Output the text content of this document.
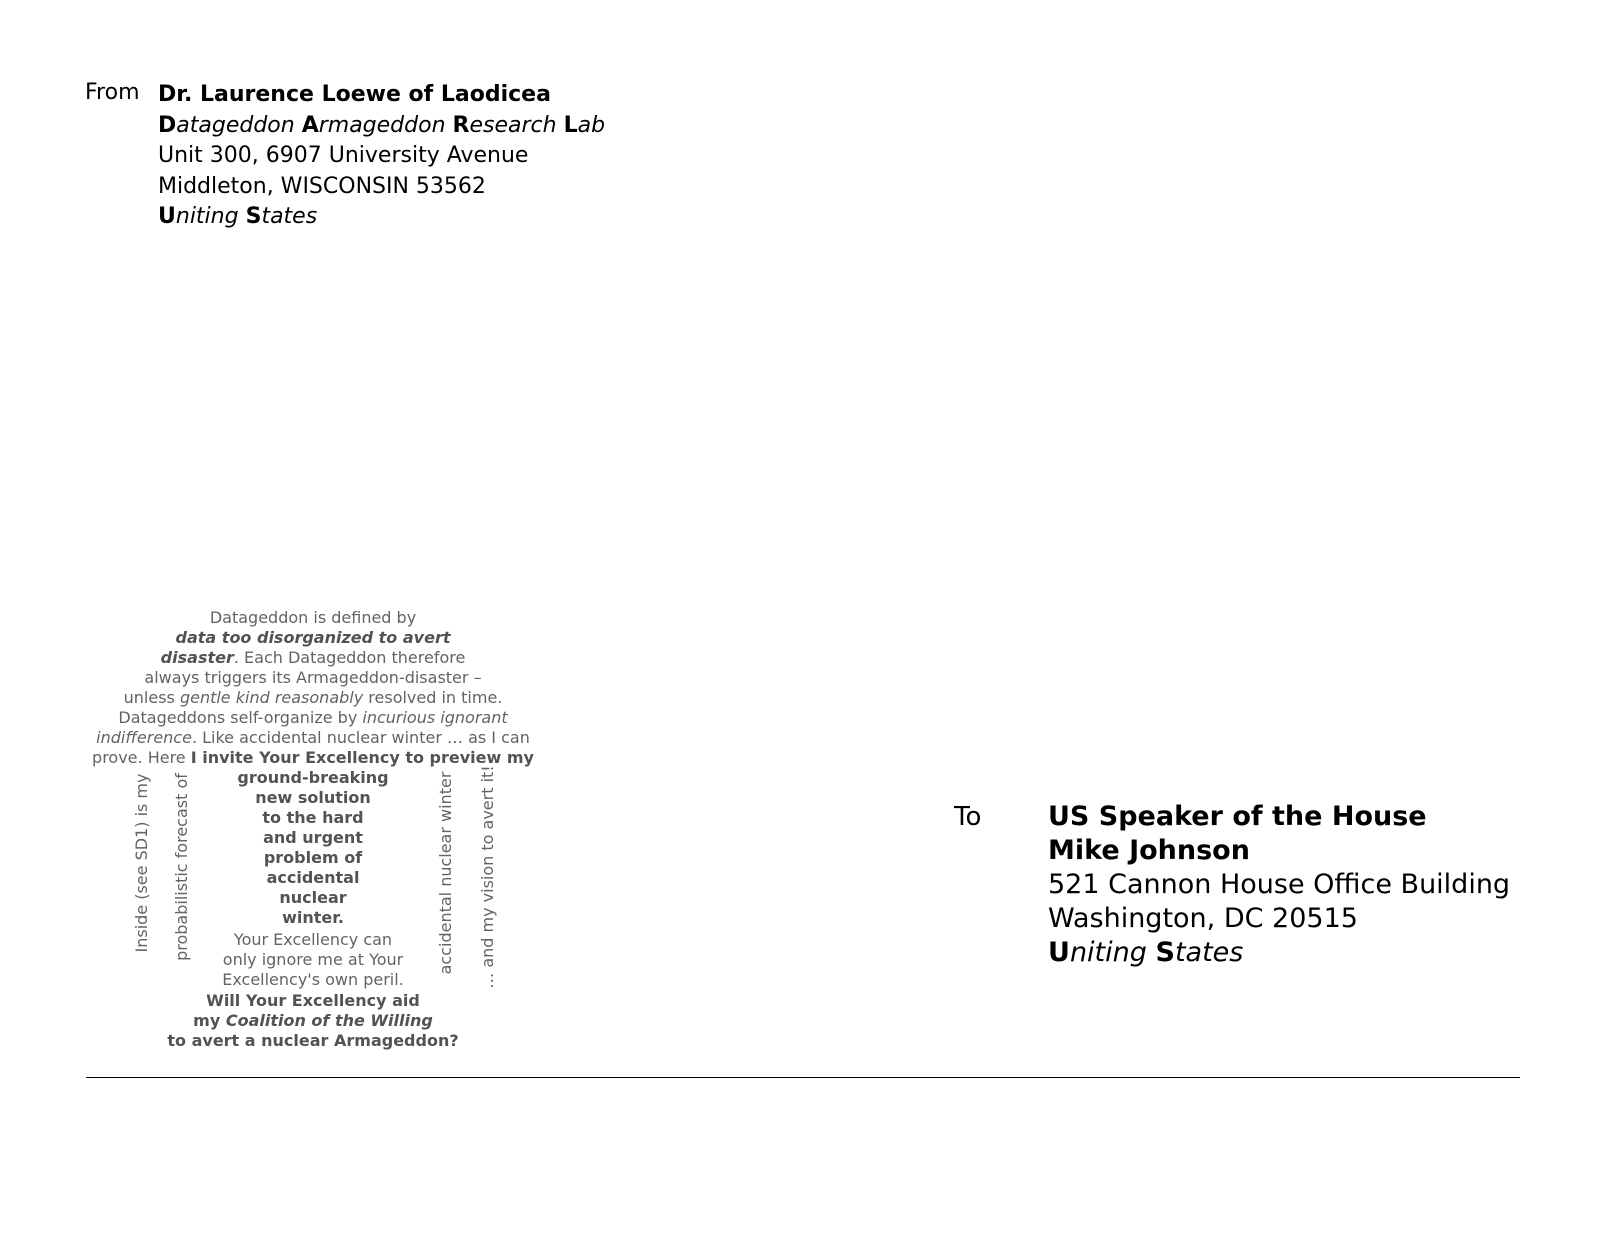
From Dr. Laurence Loewe of Laodicea
Datageddon Armageddon Research Lab
Unit 300, 6907 University Avenue
Middleton, WISCONSIN 53562
Uniting States
Datageddon is defined by
data too disorganized to avert
disaster. Each Datageddon therefore
always triggers its Armageddon-disaster –
unless gentle kind reasonably resolved in time.
Datageddons self-organize by incurious ignorant
indifference. Like accidental nuclear winter … as I can
prove. Here I invite Your Excellency to preview my
ground-breaking
new solution
to the hard
and urgent
problem of
accidental
nuclear
winter.
Your Excellency can
only ignore me at Your
Excellency's own peril.
Will Your Excellency aid
my Coalition of the Willing
to avert a nuclear Armageddon?
Inside (see SD1) is my probabilistic forecast of	accidental nuclear winter … and my vision to avert it!	To US Speaker of the House
Mike Johnson
521 Cannon House Office Building
Washington, DC 20515
Uniting States
